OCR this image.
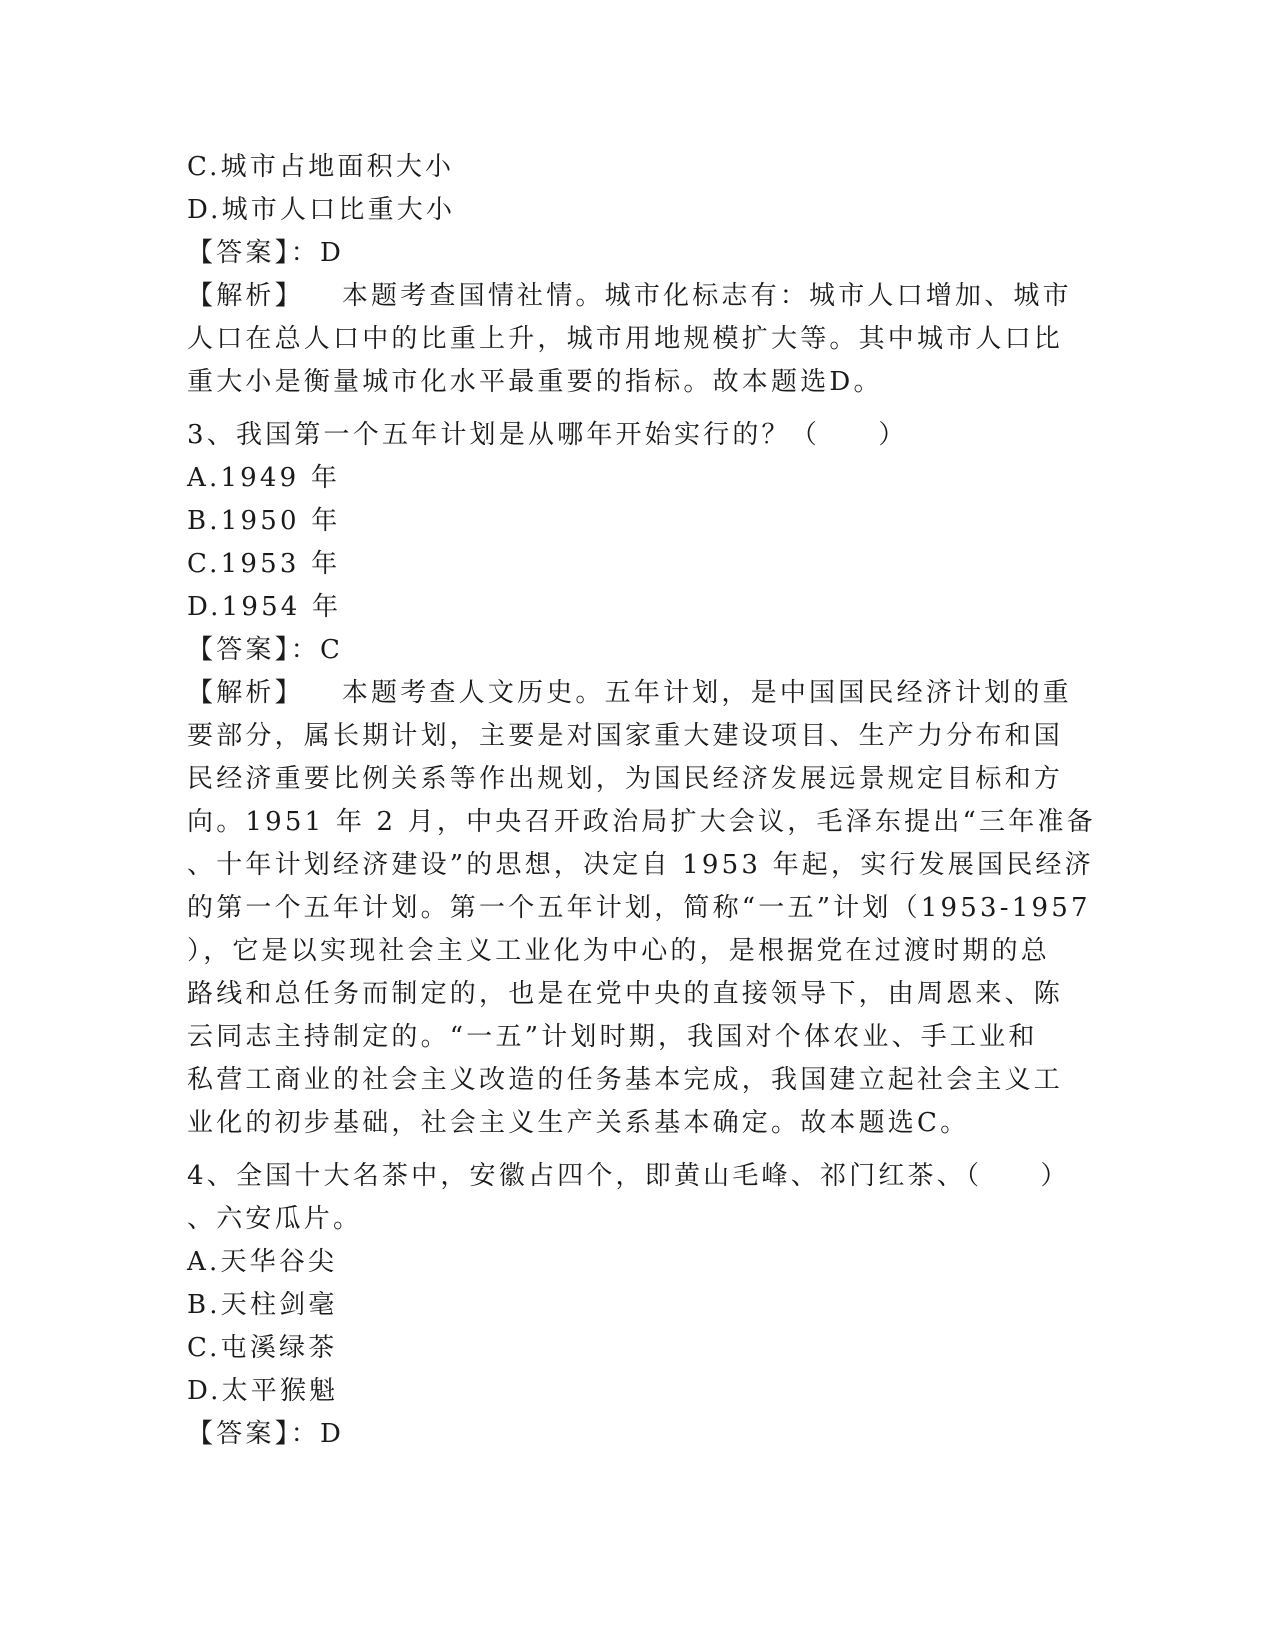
C.城市占地面积大小
D.城市人口比重大小
【答案】：D
【解析】 本题考查国情社情。城市化标志有：城市人口增加、城市
人口在总人口中的比重上升，城市用地规模扩大等。其中城市人口比
重大小是衡量城市化水平最重要的指标。故本题选D。
3、我国第一个五年计划是从哪年开始实行的？（　　）
A.1949 年
B.1950 年
C.1953 年
D.1954 年
【答案】：C
【解析】 本题考查人文历史。五年计划，是中国国民经济计划的重
要部分，属长期计划，主要是对国家重大建设项目、生产力分布和国
民经济重要比例关系等作出规划，为国民经济发展远景规定目标和方
向。1951 年 2 月，中央召开政治局扩大会议，毛泽东提出“三年准备
、十年计划经济建设”的思想，决定自 1953 年起，实行发展国民经济
的第一个五年计划。第一个五年计划，简称“一五”计划（1953-1957
），它是以实现社会主义工业化为中心的，是根据党在过渡时期的总
路线和总任务而制定的，也是在党中央的直接领导下，由周恩来、陈
云同志主持制定的。“一五”计划时期，我国对个体农业、手工业和
私营工商业的社会主义改造的任务基本完成，我国建立起社会主义工
业化的初步基础，社会主义生产关系基本确定。故本题选C。
4、全国十大名茶中，安徽占四个，即黄山毛峰、祁门红茶、（　　）
、六安瓜片。
A.天华谷尖
B.天柱剑毫
C.屯溪绿茶
D.太平猴魁
【答案】：D
